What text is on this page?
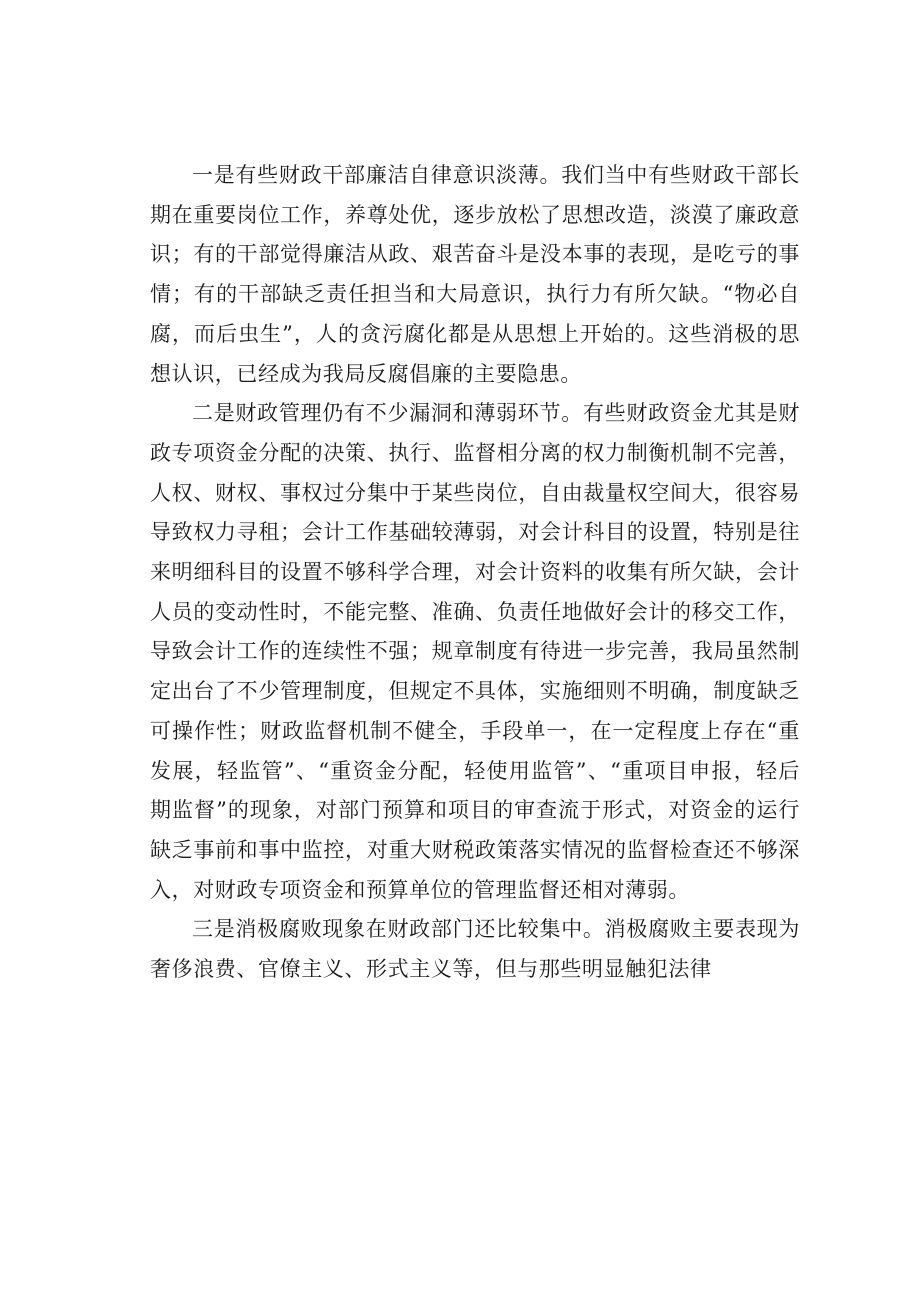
一是有些财政干部廉洁自律意识淡薄。我们当中有些财政干部长期在重要岗位工作，养尊处优，逐步放松了思想改造，淡漠了廉政意识；有的干部觉得廉洁从政、艰苦奋斗是没本事的表现，是吃亏的事情；有的干部缺乏责任担当和大局意识，执行力有所欠缺。“物必自腐，而后虫生”，人的贪污腐化都是从思想上开始的。这些消极的思想认识，已经成为我局反腐倡廉的主要隐患。

二是财政管理仍有不少漏洞和薄弱环节。有些财政资金尤其是财政专项资金分配的决策、执行、监督相分离的权力制衡机制不完善，人权、财权、事权过分集中于某些岗位，自由裁量权空间大，很容易导致权力寻租；会计工作基础较薄弱，对会计科目的设置，特别是往来明细科目的设置不够科学合理，对会计资料的收集有所欠缺，会计人员的变动性时，不能完整、准确、负责任地做好会计的移交工作，导致会计工作的连续性不强；规章制度有待进一步完善，我局虽然制定出台了不少管理制度，但规定不具体，实施细则不明确，制度缺乏可操作性；财政监督机制不健全，手段单一，在一定程度上存在“重发展，轻监管”、“重资金分配，轻使用监管”、“重项目申报，轻后期监督”的现象，对部门预算和项目的审查流于形式，对资金的运行缺乏事前和事中监控，对重大财税政策落实情况的监督检查还不够深入，对财政专项资金和预算单位的管理监督还相对薄弱。

三是消极腐败现象在财政部门还比较集中。消极腐败主要表现为奢侈浪费、官僚主义、形式主义等，但与那些明显触犯法律
